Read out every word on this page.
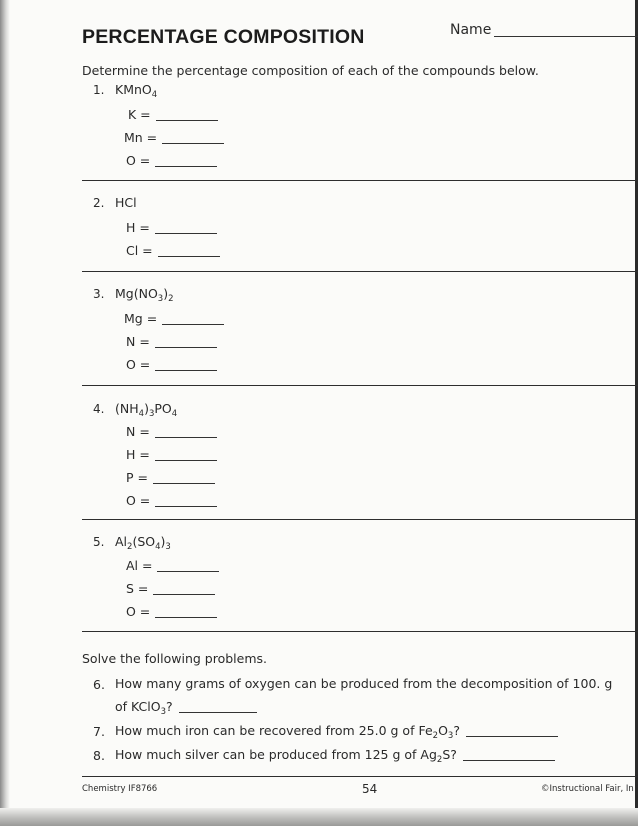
PERCENTAGE COMPOSITION	Name
Determine the percentage composition of each of the compounds below.
1. KMnO$_4$
K =
Mn =
O =
2. HCl
H =
Cl =
3. $Mg(NO_3)_2$
Mg =
N =
O =
4. $(NH_4)_3PO_4$
N =
H =
P =
O =
5. $Al_2(SO_4)_3$
Al =
S =
O =
Solve the following problems.
6. How many grams of oxygen can be produced from the decomposition of 100. g
of KClO$_3$?
7. How much iron can be recovered from 25.0 g of $Fe_2O_3$?
8. How much silver can be produced from 125 g of $Ag_2S$?
Chemistry IF8766	54	©Instructional Fair, In
